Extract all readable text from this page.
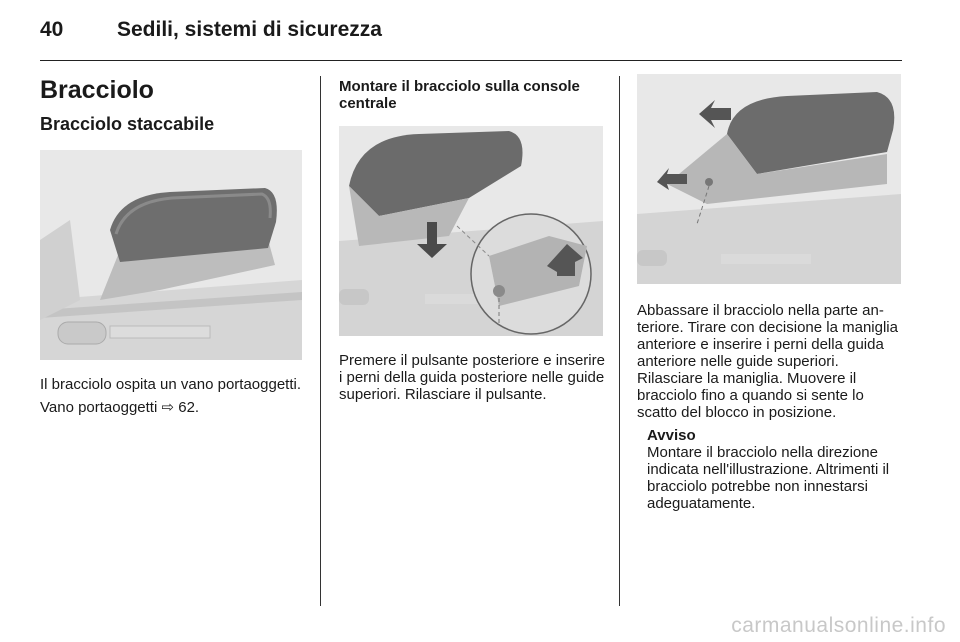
40	Sedili, sistemi di sicurezza
Bracciolo
Bracciolo staccabile

Il bracciolo ospita un vano portaoggetti.

Vano portaoggetti ⇨ 62.

Montare il bracciolo sulla console centrale

Premere il pulsante posteriore e inserire i perni della guida posteriore nelle guide superiori. Rilasciare il pulsante.

Abbassare il bracciolo nella parte anteriore. Tirare con decisione la maniglia anteriore e inserire i perni della guida anteriore nelle guide superiori. Rilasciare la maniglia. Muovere il bracciolo fino a quando si sente lo scatto del blocco in posizione.

Avviso

Montare il bracciolo nella direzione indicata nell'illustrazione. Altrimenti il bracciolo potrebbe non innestarsi adeguatamente.

carmanualsonline.info
